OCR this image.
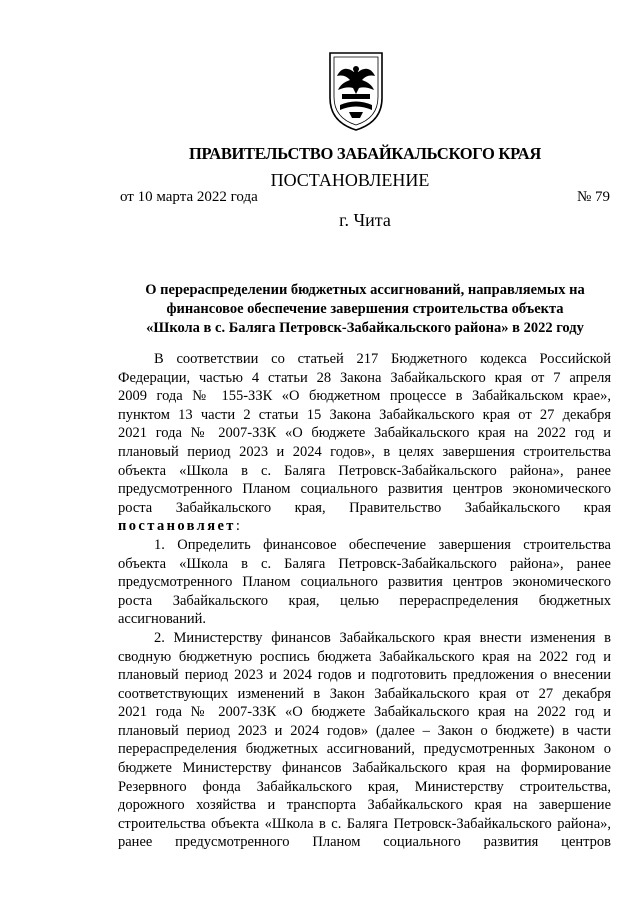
ПРАВИТЕЛЬСТВО ЗАБАЙКАЛЬСКОГО КРАЯ
ПОСТАНОВЛЕНИЕ
от 10 марта 2022 года	№ 79
г. Чита
О перераспределении бюджетных ассигнований, направляемых на
финансовое обеспечение завершения строительства объекта
«Школа в с. Баляга Петровск-Забайкальского района» в 2022 году
В соответствии со статьей 217 Бюджетного кодекса Российской
Федерации, частью 4 статьи 28 Закона Забайкальского края от 7 апреля
2009 года № 155-ЗЗК «О бюджетном процессе в Забайкальском крае»,
пунктом 13 части 2 статьи 15 Закона Забайкальского края от 27 декабря
2021 года № 2007-ЗЗК «О бюджете Забайкальского края на 2022 год и
плановый период 2023 и 2024 годов», в целях завершения строительства
объекта «Школа в с. Баляга Петровск-Забайкальского района», ранее
предусмотренного Планом социального развития центров экономического
роста Забайкальского края, Правительство Забайкальского края
постановляет:
1. Определить финансовое обеспечение завершения строительства
объекта «Школа в с. Баляга Петровск-Забайкальского района», ранее
предусмотренного Планом социального развития центров экономического
роста Забайкальского края, целью перераспределения бюджетных
ассигнований.
2. Министерству финансов Забайкальского края внести изменения в
сводную бюджетную роспись бюджета Забайкальского края на 2022 год и
плановый период 2023 и 2024 годов и подготовить предложения о внесении
соответствующих изменений в Закон Забайкальского края от 27 декабря
2021 года № 2007-ЗЗК «О бюджете Забайкальского края на 2022 год и
плановый период 2023 и 2024 годов» (далее – Закон о бюджете) в части
перераспределения бюджетных ассигнований, предусмотренных Законом о
бюджете Министерству финансов Забайкальского края на формирование
Резервного фонда Забайкальского края, Министерству строительства,
дорожного хозяйства и транспорта Забайкальского края на завершение
строительства объекта «Школа в с. Баляга Петровск-Забайкальского района»,
ранее предусмотренного Планом социального развития центров
